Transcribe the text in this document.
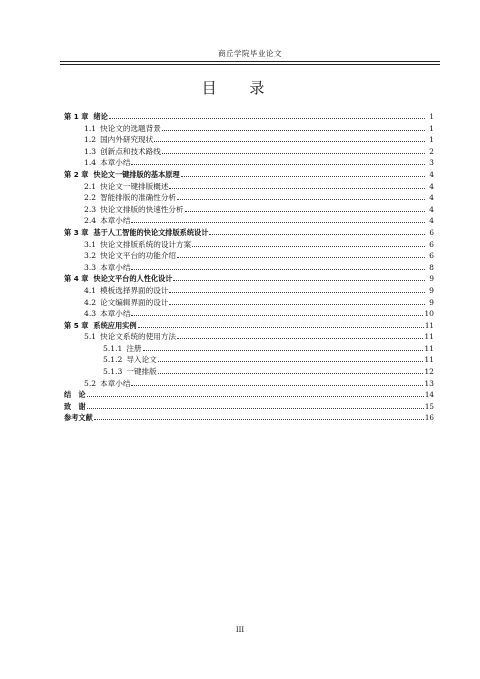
商丘学院毕业论文
目 录
第 1 章 绪论	1
1.1 快论文的选题背景	1
1.2 国内外研究现状	1
1.3 创新点和技术路线	2
1.4 本章小结	3
第 2 章 快论文一键排版的基本原理	4
2.1 快论文一键排版概述	4
2.2 智能排版的准确性分析	4
2.3 快论文排版的快速性分析	4
2.4 本章小结	4
第 3 章 基于人工智能的快论文排版系统设计	6
3.1 快论文排版系统的设计方案	6
3.2 快论文平台的功能介绍	6
3.3 本章小结	8
第 4 章 快论文平台的人性化设计	9
4.1 模板选择界面的设计	9
4.2 论文编辑界面的设计	9
4.3 本章小结	10
第 5 章 系统应用实例	11
5.1 快论文系统的使用方法	11
5.1.1 注册	11
5.1.2 导入论文	11
5.1.3 一键排版	12
5.2 本章小结	13
结　论	14
致　谢	15
参考文献	16
III
